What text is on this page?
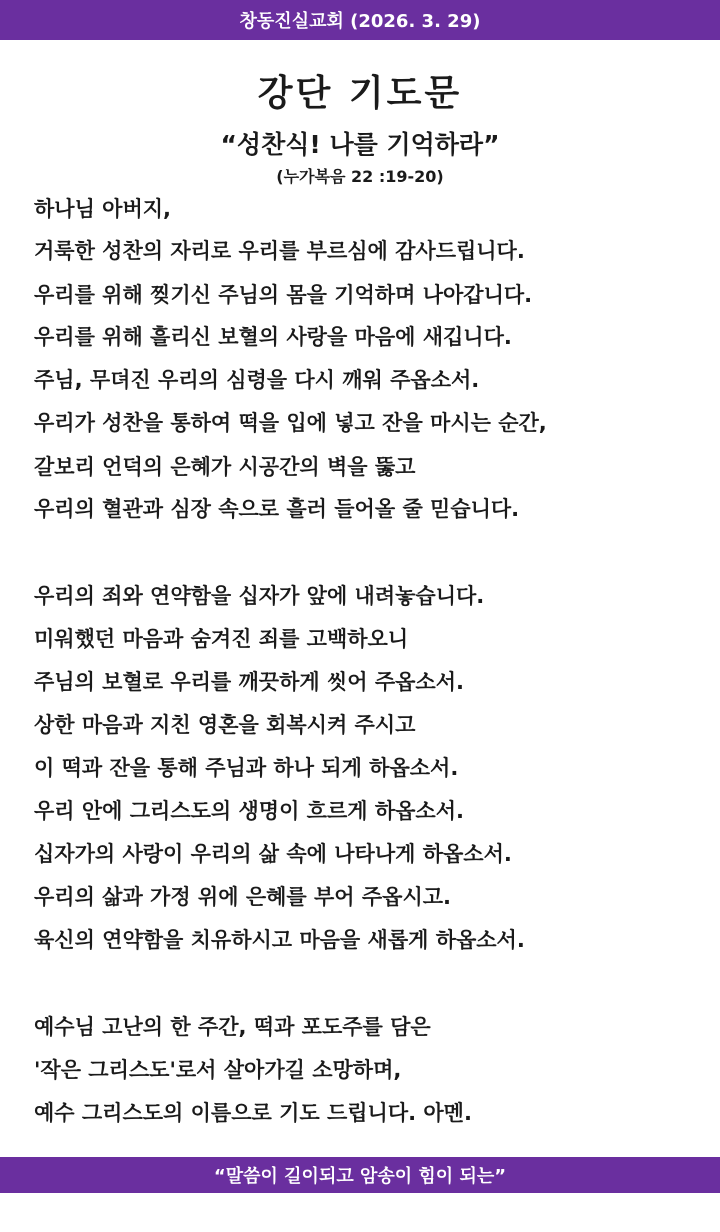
창동진실교회 (2026. 3. 29)
강단 기도문
“성찬식! 나를 기억하라”
(누가복음 22 :19-20)
하나님 아버지,
거룩한 성찬의 자리로 우리를 부르심에 감사드립니다.
우리를 위해 찢기신 주님의 몸을 기억하며 나아갑니다.
우리를 위해 흘리신 보혈의 사랑을 마음에 새깁니다.
주님, 무뎌진 우리의 심령을 다시 깨워 주옵소서.
우리가 성찬을 통하여 떡을 입에 넣고 잔을 마시는 순간,
갈보리 언덕의 은혜가 시공간의 벽을 뚫고
우리의 혈관과 심장 속으로 흘러 들어올 줄 믿습니다.
우리의 죄와 연약함을 십자가 앞에 내려놓습니다.
미워했던 마음과 숨겨진 죄를 고백하오니
주님의 보혈로 우리를 깨끗하게 씻어 주옵소서.
상한 마음과 지친 영혼을 회복시켜 주시고
이 떡과 잔을 통해 주님과 하나 되게 하옵소서.
우리 안에 그리스도의 생명이 흐르게 하옵소서.
십자가의 사랑이 우리의 삶 속에 나타나게 하옵소서.
우리의 삶과 가정 위에 은혜를 부어 주옵시고.
육신의 연약함을 치유하시고 마음을 새롭게 하옵소서.
예수님 고난의 한 주간, 떡과 포도주를 담은
'작은 그리스도'로서 살아가길 소망하며,
예수 그리스도의 이름으로 기도 드립니다. 아멘.
“말씀이 길이되고 암송이 힘이 되는”
